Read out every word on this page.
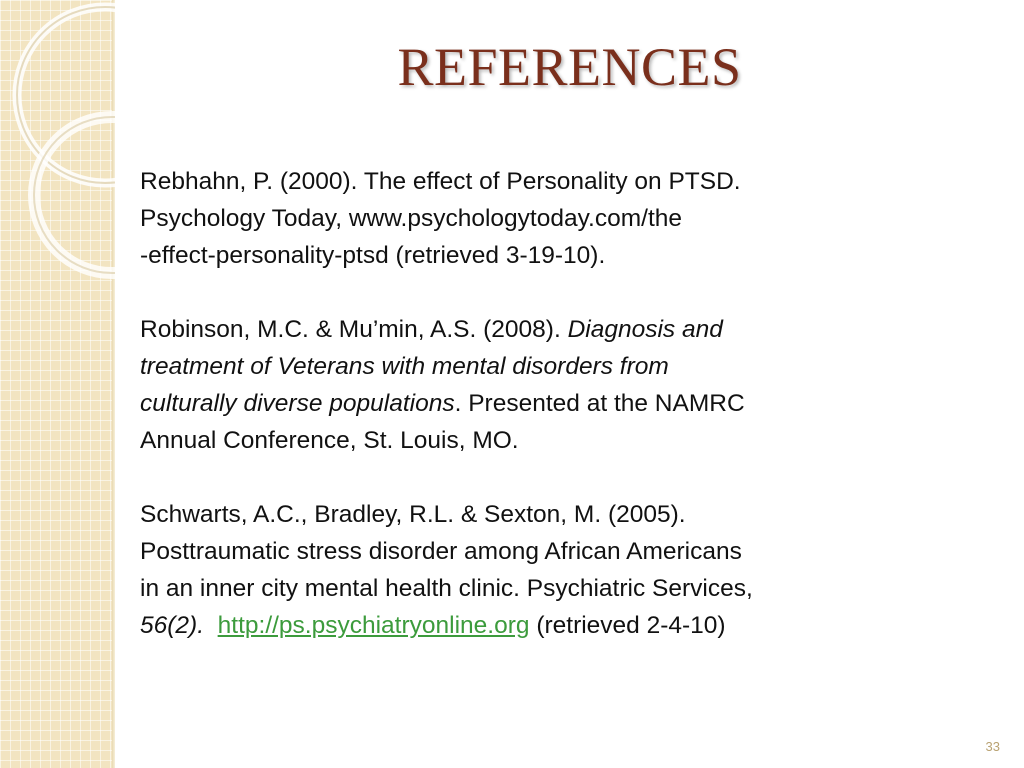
REFERENCES

Rebhahn, P. (2000). The effect of Personality on PTSD.
Psychology Today, www.psychologytoday.com/the
-effect-personality-ptsd (retrieved 3-19-10).

Robinson, M.C. & Mu’min, A.S. (2008). Diagnosis and
treatment of Veterans with mental disorders from
culturally diverse populations. Presented at the NAMRC
Annual Conference, St. Louis, MO.

Schwarts, A.C., Bradley, R.L. & Sexton, M. (2005).
Posttraumatic stress disorder among African Americans
in an inner city mental health clinic. Psychiatric Services,
56(2). http://ps.psychiatryonline.org (retrieved 2-4-10)

33
